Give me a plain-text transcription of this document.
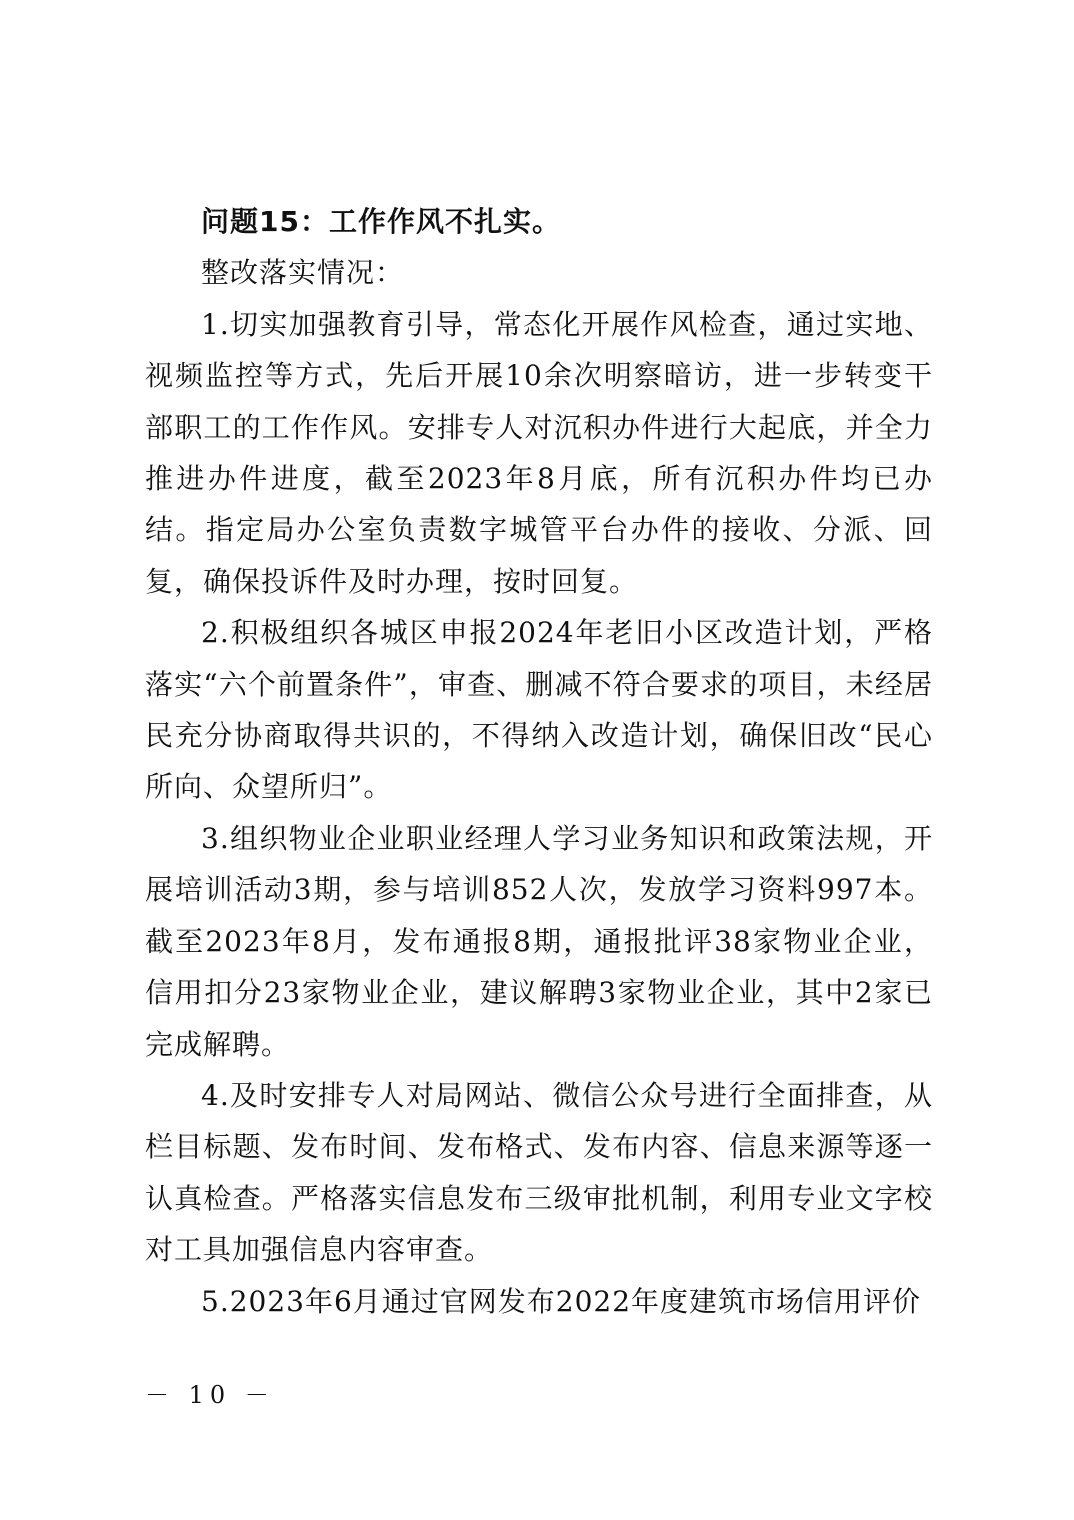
问题15：工作作风不扎实。

整改落实情况：

1.切实加强教育引导，常态化开展作风检查，通过实地、视频监控等方式，先后开展10余次明察暗访，进一步转变干部职工的工作作风。安排专人对沉积办件进行大起底，并全力推进办件进度，截至2023年8月底，所有沉积办件均已办结。指定局办公室负责数字城管平台办件的接收、分派、回复，确保投诉件及时办理，按时回复。

2.积极组织各城区申报2024年老旧小区改造计划，严格落实“六个前置条件”，审查、删减不符合要求的项目，未经居民充分协商取得共识的，不得纳入改造计划，确保旧改“民心所向、众望所归”。

3.组织物业企业职业经理人学习业务知识和政策法规，开展培训活动3期，参与培训852人次，发放学习资料997本。截至2023年8月，发布通报8期，通报批评38家物业企业，信用扣分23家物业企业，建议解聘3家物业企业，其中2家已完成解聘。

4.及时安排专人对局网站、微信公众号进行全面排查，从栏目标题、发布时间、发布格式、发布内容、信息来源等逐一认真检查。严格落实信息发布三级审批机制，利用专业文字校对工具加强信息内容审查。

5.2023年6月通过官网发布2022年度建筑市场信用评价

－ 10 －
